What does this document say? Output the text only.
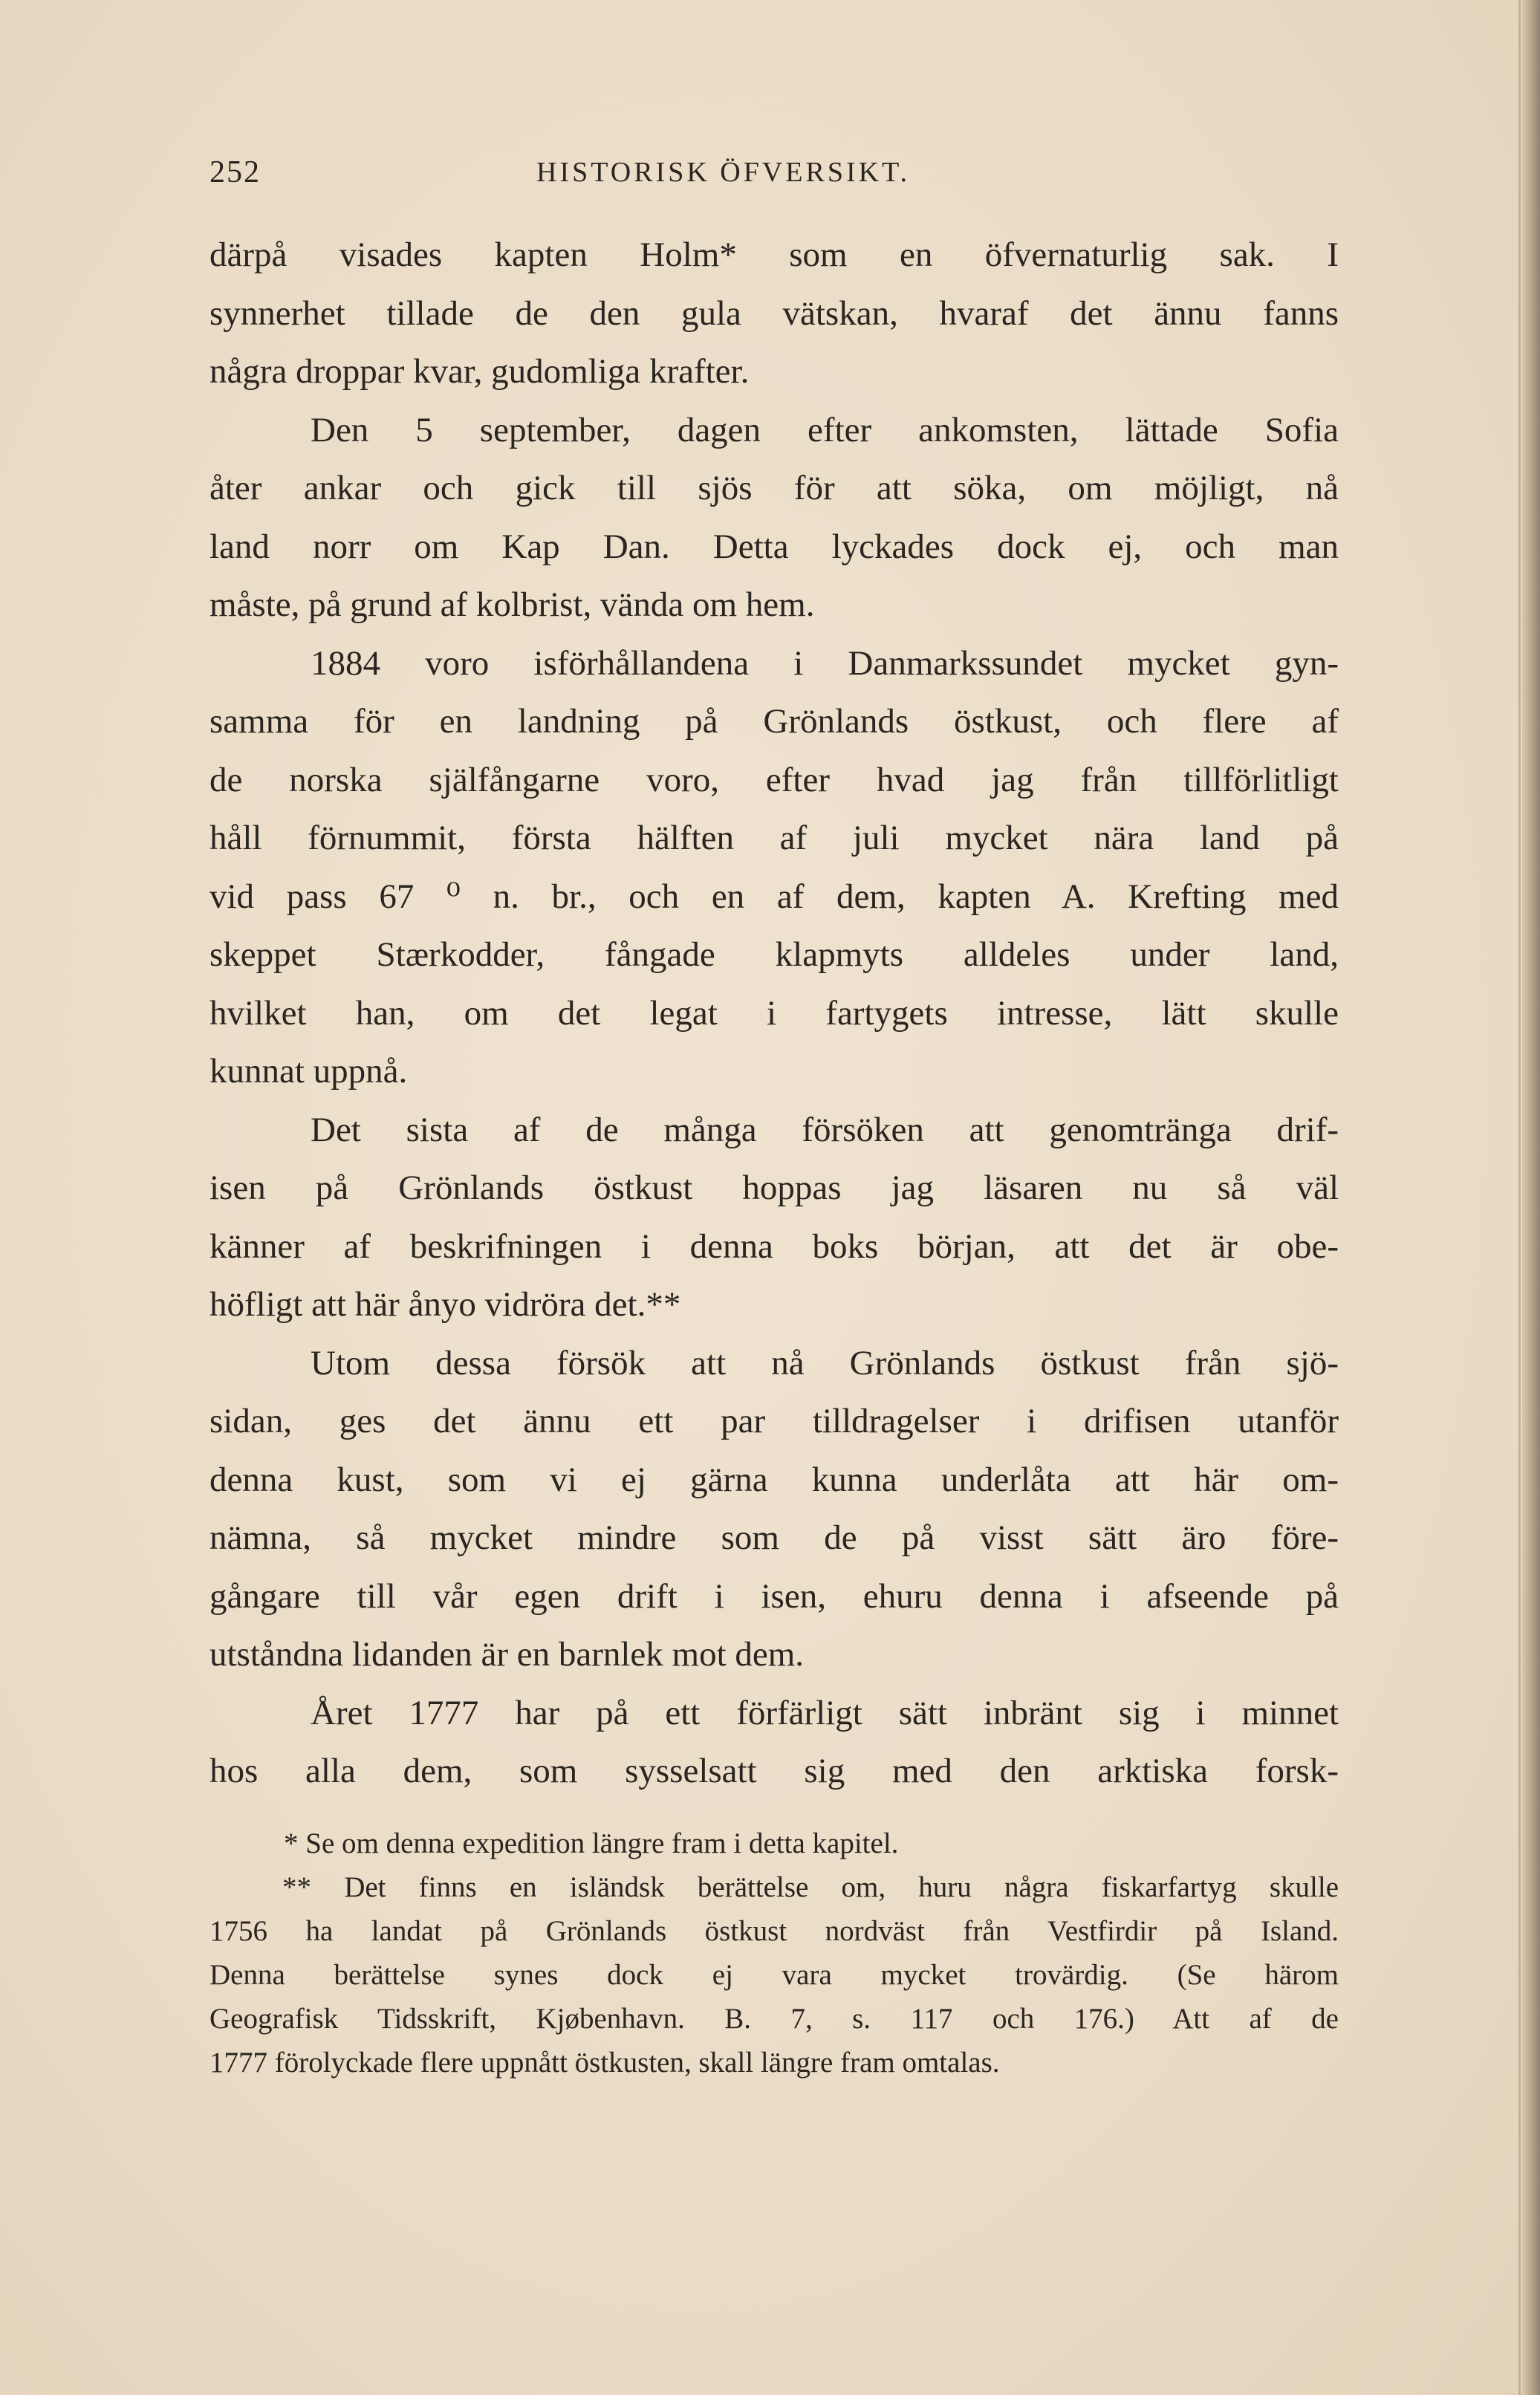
252	HISTORISK ÖFVERSIKT.
därpå visades kapten Holm* som en öfvernaturlig sak. I
synnerhet tillade de den gula vätskan, hvaraf det ännu fanns
några droppar kvar, gudomliga krafter.
Den 5 september, dagen efter ankomsten, lättade Sofia
åter ankar och gick till sjös för att söka, om möjligt, nå
land norr om Kap Dan. Detta lyckades dock ej, och man
måste, på grund af kolbrist, vända om hem.
1884 voro isförhållandena i Danmarkssundet mycket gyn-
samma för en landning på Grönlands östkust, och flere af
de norska själfångarne voro, efter hvad jag från tillförlitligt
håll förnummit, första hälften af juli mycket nära land på
vid pass 67 ⁰ n. br., och en af dem, kapten A. Krefting med
skeppet Stærkodder, fångade klapmyts alldeles under land,
hvilket han, om det legat i fartygets intresse, lätt skulle
kunnat uppnå.
Det sista af de många försöken att genomtränga drif-
isen på Grönlands östkust hoppas jag läsaren nu så väl
känner af beskrifningen i denna boks början, att det är obe-
höfligt att här ånyo vidröra det.**
Utom dessa försök att nå Grönlands östkust från sjö-
sidan, ges det ännu ett par tilldragelser i drifisen utanför
denna kust, som vi ej gärna kunna underlåta att här om-
nämna, så mycket mindre som de på visst sätt äro före-
gångare till vår egen drift i isen, ehuru denna i afseende på
utståndna lidanden är en barnlek mot dem.
Året 1777 har på ett förfärligt sätt inbränt sig i minnet
hos alla dem, som sysselsatt sig med den arktiska forsk-
* Se om denna expedition längre fram i detta kapitel.
** Det finns en isländsk berättelse om, huru några fiskarfartyg skulle
1756 ha landat på Grönlands östkust nordväst från Vestfirdir på Island.
Denna berättelse synes dock ej vara mycket trovärdig. (Se härom
Geografisk Tidsskrift, Kjøbenhavn. B. 7, s. 117 och 176.) Att af de
1777 förolyckade flere uppnått östkusten, skall längre fram omtalas.
